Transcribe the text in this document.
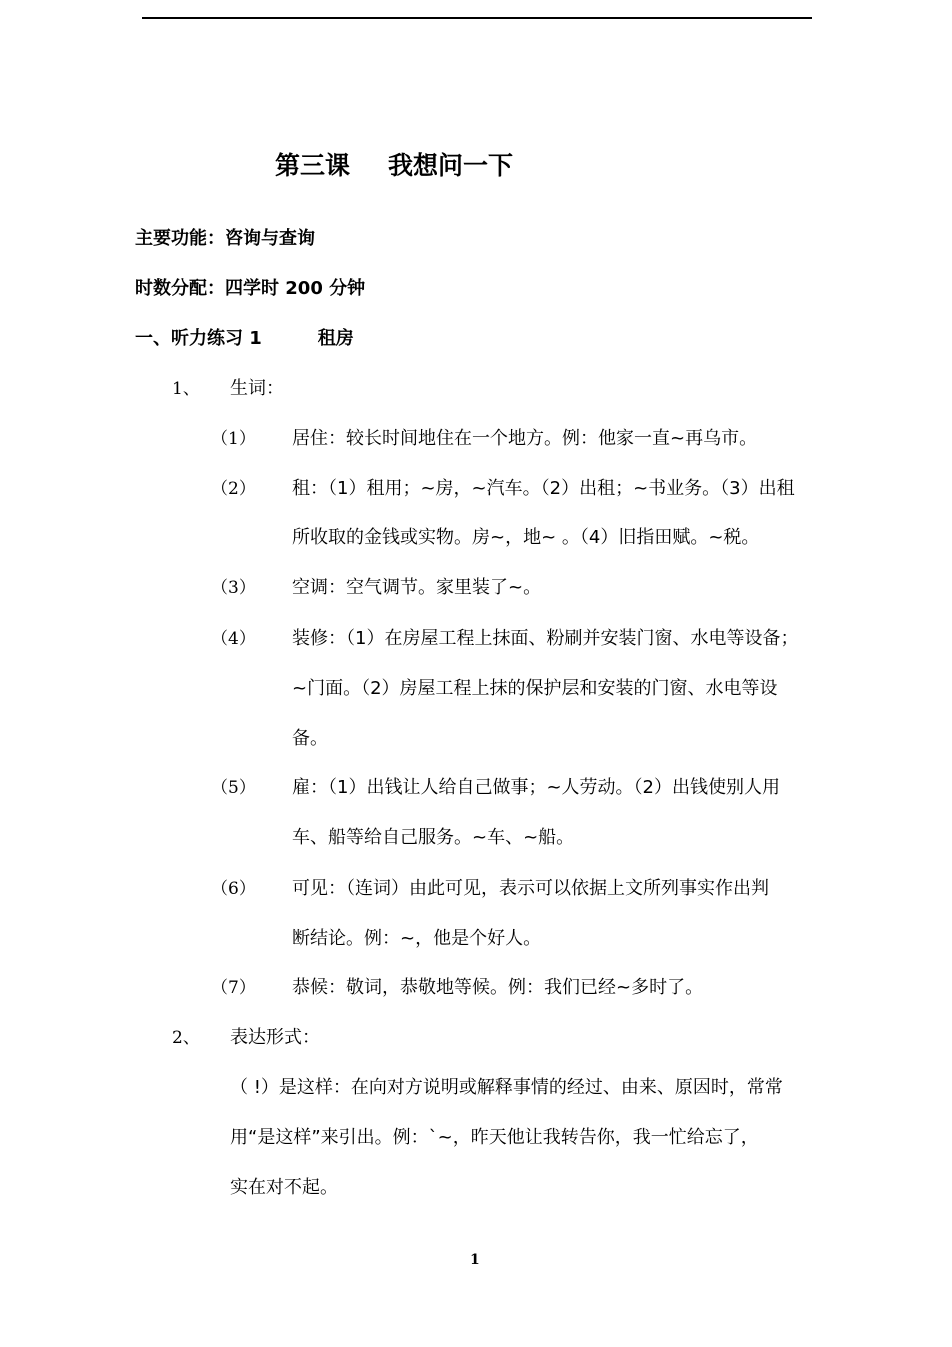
第三课 我想问一下
主要功能：咨询与查询
时数分配：四学时 200 分钟
一、听力练习 1	租房
1、 生词：
（1） 居住：较长时间地住在一个地方。例：他家一直~再乌市。
（2） 租：（1）租用；~房，~汽车。（2）出租；~书业务。（3）出租
所收取的金钱或实物。房~，地~ 。（4）旧指田赋。~税。
（3） 空调：空气调节。家里装了~。
（4） 装修：（1）在房屋工程上抹面、粉刷并安装门窗、水电等设备；
~门面。（2）房屋工程上抹的保护层和安装的门窗、水电等设
备。
（5） 雇：（1）出钱让人给自己做事；~人劳动。（2）出钱使别人用
车、船等给自己服务。~车、~船。
（6） 可见：（连词）由此可见，表示可以依据上文所列事实作出判
断结论。例：~，他是个好人。
（7） 恭候：敬词，恭敬地等候。例：我们已经~多时了。
2、 表达形式：
（ !）是这样：在向对方说明或解释事情的经过、由来、原因时，常常
用“是这样”来引出。例：`~，昨天他让我转告你，我一忙给忘了，
实在对不起。
1
